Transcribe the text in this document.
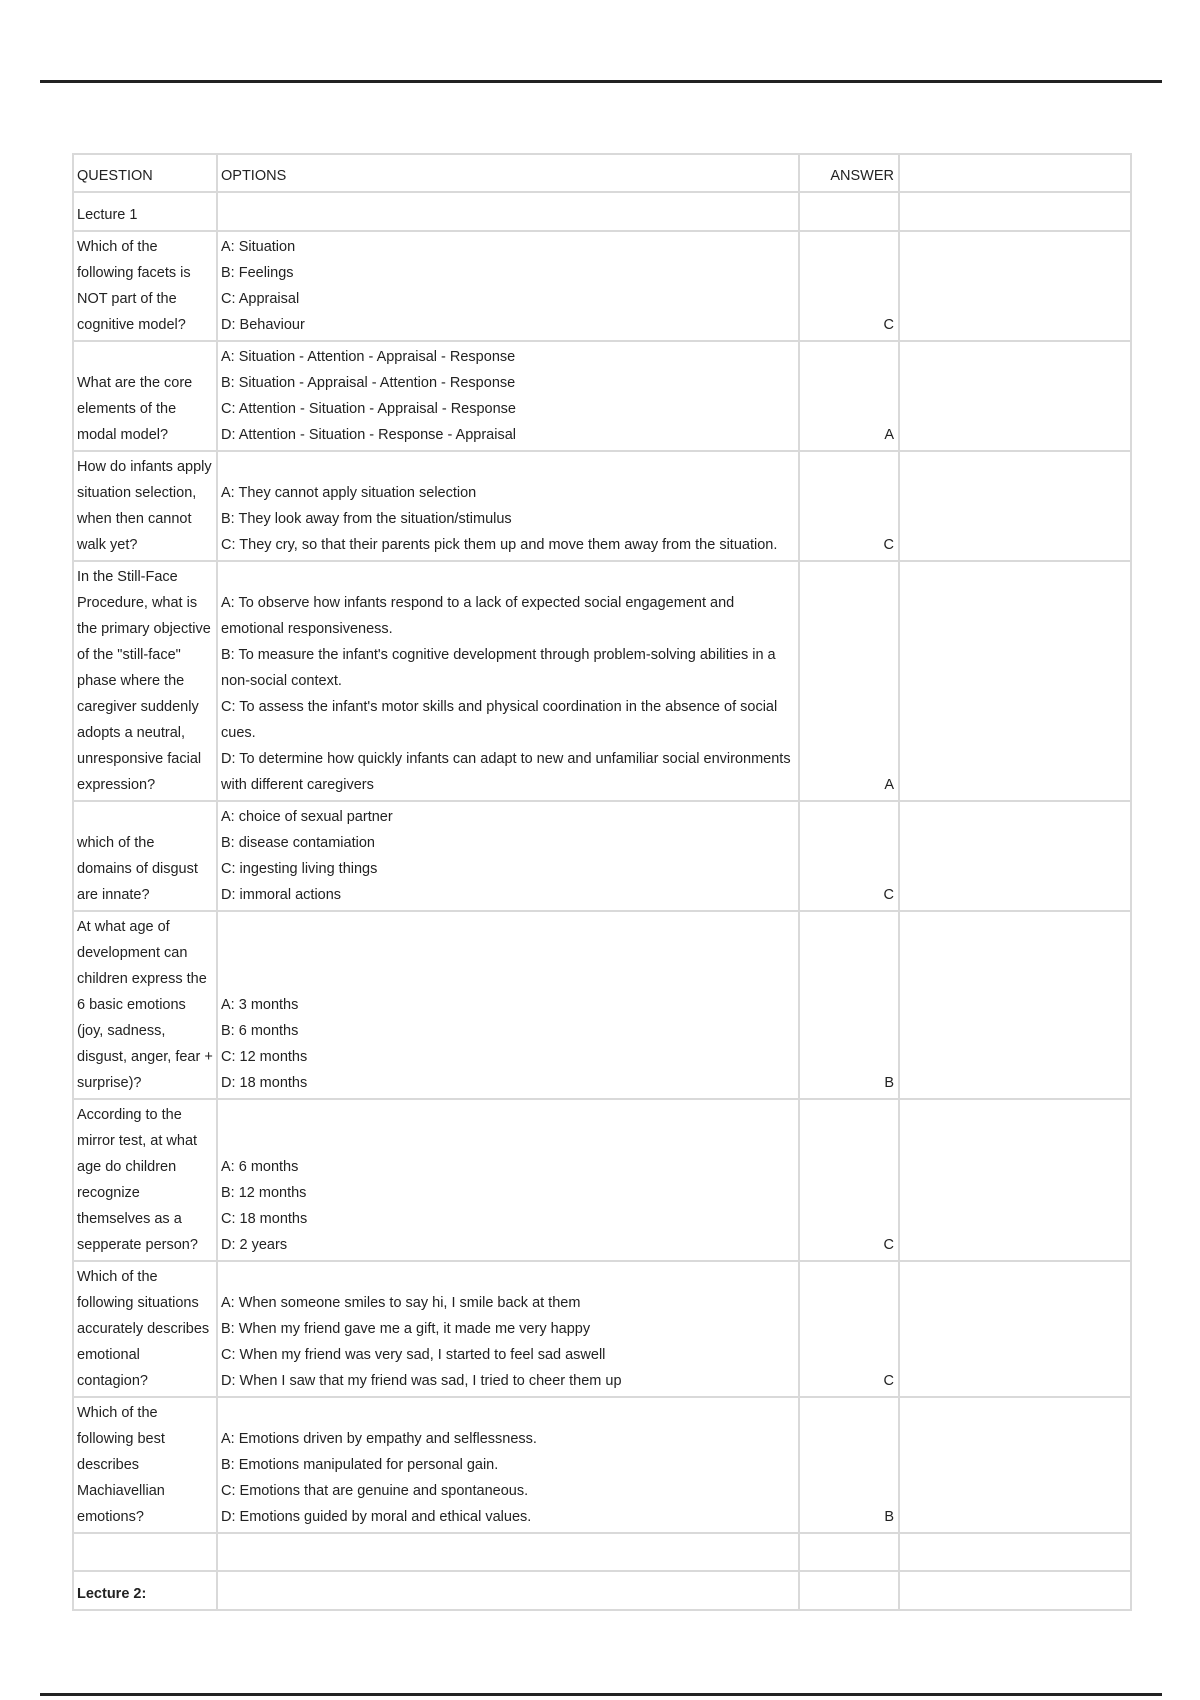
QUESTION	OPTIONS	ANSWER	
Lecture 1			
Which of the following facets is NOT part of the cognitive model?	A: Situation
B: Feelings
C: Appraisal
D: Behaviour	C	
What are the core elements of the modal model?	A: Situation - Attention - Appraisal - Response
B: Situation - Appraisal - Attention - Response
C: Attention - Situation - Appraisal - Response
D: Attention - Situation - Response - Appraisal	A	
How do infants apply situation selection, when then cannot walk yet?	A: They cannot apply situation selection
B: They look away from the situation/stimulus
C: They cry, so that their parents pick them up and move them away from the situation.	C	
In the Still-Face Procedure, what is the primary objective of the "still-face" phase where the caregiver suddenly adopts a neutral, unresponsive facial expression?	A: To observe how infants respond to a lack of expected social engagement and emotional responsiveness.
B: To measure the infant's cognitive development through problem-solving abilities in a non-social context.
C: To assess the infant's motor skills and physical coordination in the absence of social cues.
D: To determine how quickly infants can adapt to new and unfamiliar social environments with different caregivers	A	
which of the domains of disgust are innate?	A: choice of sexual partner
B: disease contamiation
C: ingesting living things
D: immoral actions	C	
At what age of development can children express the 6 basic emotions (joy, sadness, disgust, anger, fear + surprise)?	A: 3 months
B: 6 months
C: 12 months
D: 18 months	B	
According to the mirror test, at what age do children recognize themselves as a sepperate person?	A: 6 months
B: 12 months
C: 18 months
D: 2 years	C	
Which of the following situations accurately describes emotional contagion?	A: When someone smiles to say hi, I smile back at them
B: When my friend gave me a gift, it made me very happy
C: When my friend was very sad, I started to feel sad aswell
D: When I saw that my friend was sad, I tried to cheer them up	C	
Which of the following best describes Machiavellian emotions?	A: Emotions driven by empathy and selflessness.
B: Emotions manipulated for personal gain.
C: Emotions that are genuine and spontaneous.
D: Emotions guided by moral and ethical values.	B	

Lecture 2:			
